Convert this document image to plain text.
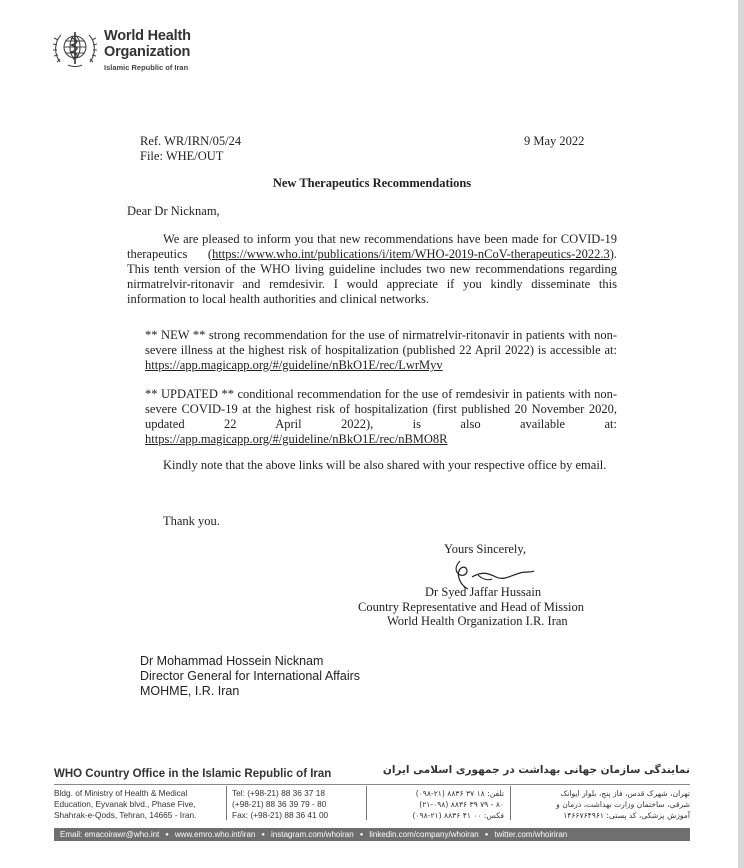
World Health
Organization
Islamic Republic of Iran
Ref. WR/IRN/05/24
File: WHE/OUT
9 May 2022
New Therapeutics Recommendations
Dear Dr Nicknam,
We are pleased to inform you that new recommendations have been made for COVID-19 therapeutics (https://www.who.int/publications/i/item/WHO-2019-nCoV-therapeutics-2022.3). This tenth version of the WHO living guideline includes two new recommendations regarding nirmatrelvir-ritonavir and remdesivir. I would appreciate if you kindly disseminate this information to local health authorities and clinical networks.
** NEW ** strong recommendation for the use of nirmatrelvir-ritonavir in patients with non-severe illness at the highest risk of hospitalization (published 22 April 2022) is accessible at: https://app.magicapp.org/#/guideline/nBkO1E/rec/LwrMyv
** UPDATED ** conditional recommendation for the use of remdesivir in patients with non-severe COVID-19 at the highest risk of hospitalization (first published 20 November 2020, updated 22 April 2022), is also available at: https://app.magicapp.org/#/guideline/nBkO1E/rec/nBMO8R
Kindly note that the above links will be also shared with your respective office by email.
Thank you.
Yours Sincerely,
Dr Syed Jaffar Hussain
Country Representative and Head of Mission
World Health Organization I.R. Iran
Dr Mohammad Hossein Nicknam
Director General for International Affairs
MOHME, I.R. Iran
WHO Country Office in the Islamic Republic of Iran	نمایندگی سازمان جهانی بهداشت در جمهوری اسلامی ایران
Bldg. of Ministry of Health & Medical
Education, Eyvanak blvd., Phase Five,
Shahrak-e-Qods, Tehran, 14665 - Iran.
Tel: (+98-21) 88 36 37 18
(+98-21) 88 36 39 79 - 80
Fax: (+98-21) 88 36 41 00
تلفن: ۱۸ ۳۷ ۸۸۳۶ (۲۱-۰۹۸)
۸۰ - ۷۹ ۳۹ ۸۸۳۶ (۲۱-۰۹۸)
فکس: ۰۰ ۴۱ ۸۸۳۶ (۲۱-۰۹۸)
تهران، شهرک قدس، فاز پنج، بلوار ایوانک
شرقی، ساختمان وزارت بهداشت، درمان و
آموزش پزشکی، کد پستی: ۱۴۶۶۷۶۴۹۶۱
Email: emacoirawr@who.int ● www.emro.who.int/iran ● instagram.com/whoiran ● linkedin.com/company/whoiran ● twitter.com/whoiriran
